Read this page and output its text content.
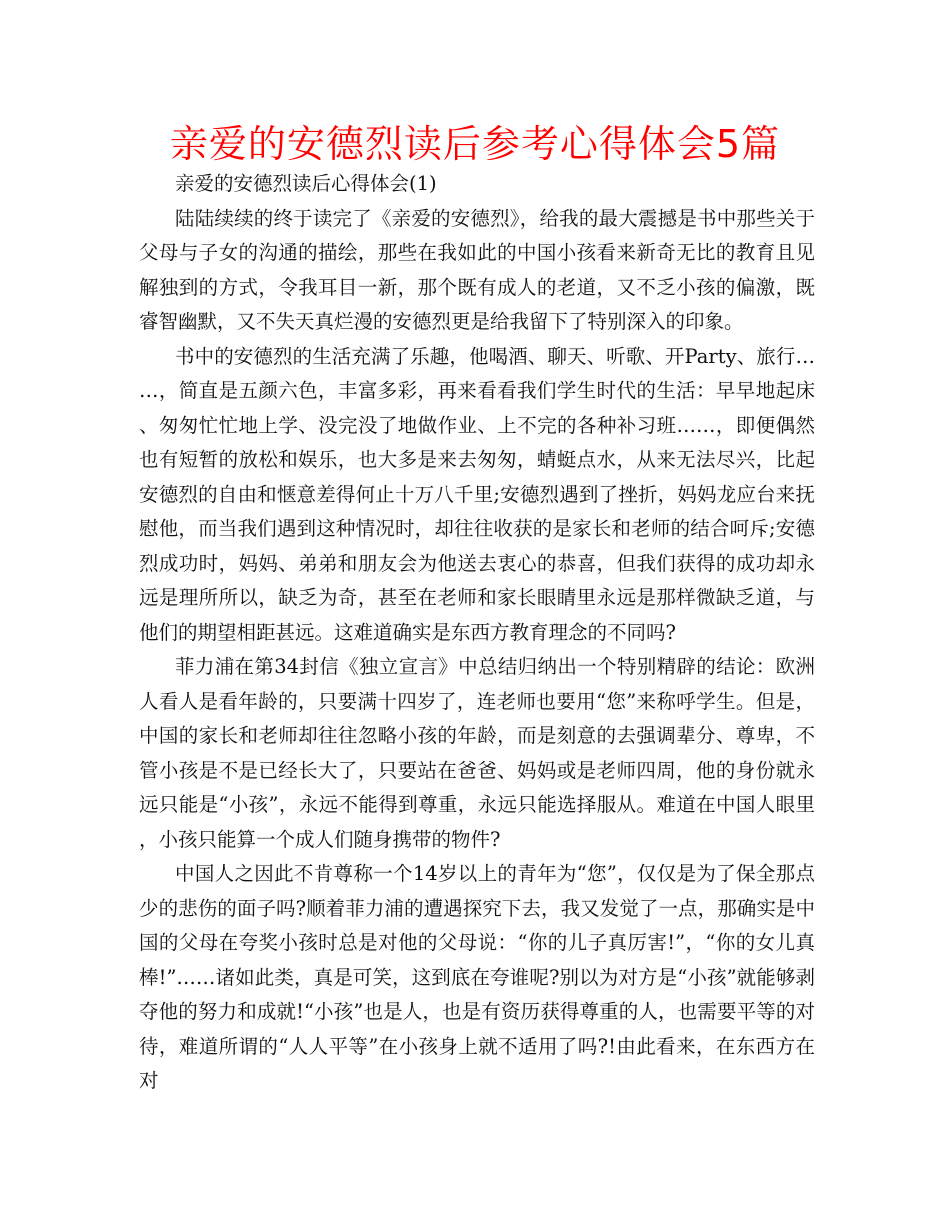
亲爱的安德烈读后参考心得体会5篇

亲爱的安德烈读后心得体会(1)

陆陆续续的终于读完了《亲爱的安德烈》，给我的最大震撼是书中那些关于父母与子女的沟通的描绘，那些在我如此的中国小孩看来新奇无比的教育且见解独到的方式，令我耳目一新，那个既有成人的老道，又不乏小孩的偏激，既睿智幽默，又不失天真烂漫的安德烈更是给我留下了特别深入的印象。

书中的安德烈的生活充满了乐趣，他喝酒、聊天、听歌、开Party、旅行……，简直是五颜六色，丰富多彩，再来看看我们学生时代的生活：早早地起床、匆匆忙忙地上学、没完没了地做作业、上不完的各种补习班……，即便偶然也有短暂的放松和娱乐，也大多是来去匆匆，蜻蜓点水，从来无法尽兴，比起安德烈的自由和惬意差得何止十万八千里;安德烈遇到了挫折，妈妈龙应台来抚慰他，而当我们遇到这种情况时，却往往收获的是家长和老师的结合呵斥;安德烈成功时，妈妈、弟弟和朋友会为他送去衷心的恭喜，但我们获得的成功却永远是理所所以，缺乏为奇，甚至在老师和家长眼睛里永远是那样微缺乏道，与他们的期望相距甚远。这难道确实是东西方教育理念的不同吗?

菲力浦在第34封信《独立宣言》中总结归纳出一个特别精辟的结论：欧洲人看人是看年龄的，只要满十四岁了，连老师也要用“您”来称呼学生。但是，中国的家长和老师却往往忽略小孩的年龄，而是刻意的去强调辈分、尊卑，不管小孩是不是已经长大了，只要站在爸爸、妈妈或是老师四周，他的身份就永远只能是“小孩”，永远不能得到尊重，永远只能选择服从。难道在中国人眼里，小孩只能算一个成人们随身携带的物件?

中国人之因此不肯尊称一个14岁以上的青年为“您”，仅仅是为了保全那点少的悲伤的面子吗?顺着菲力浦的遭遇探究下去，我又发觉了一点，那确实是中国的父母在夸奖小孩时总是对他的父母说：“你的儿子真厉害!”，“你的女儿真棒!”……诸如此类，真是可笑，这到底在夸谁呢?别以为对方是“小孩”就能够剥夺他的努力和成就!“小孩”也是人，也是有资历获得尊重的人，也需要平等的对待，难道所谓的“人人平等”在小孩身上就不适用了吗?!由此看来，在东西方在对
